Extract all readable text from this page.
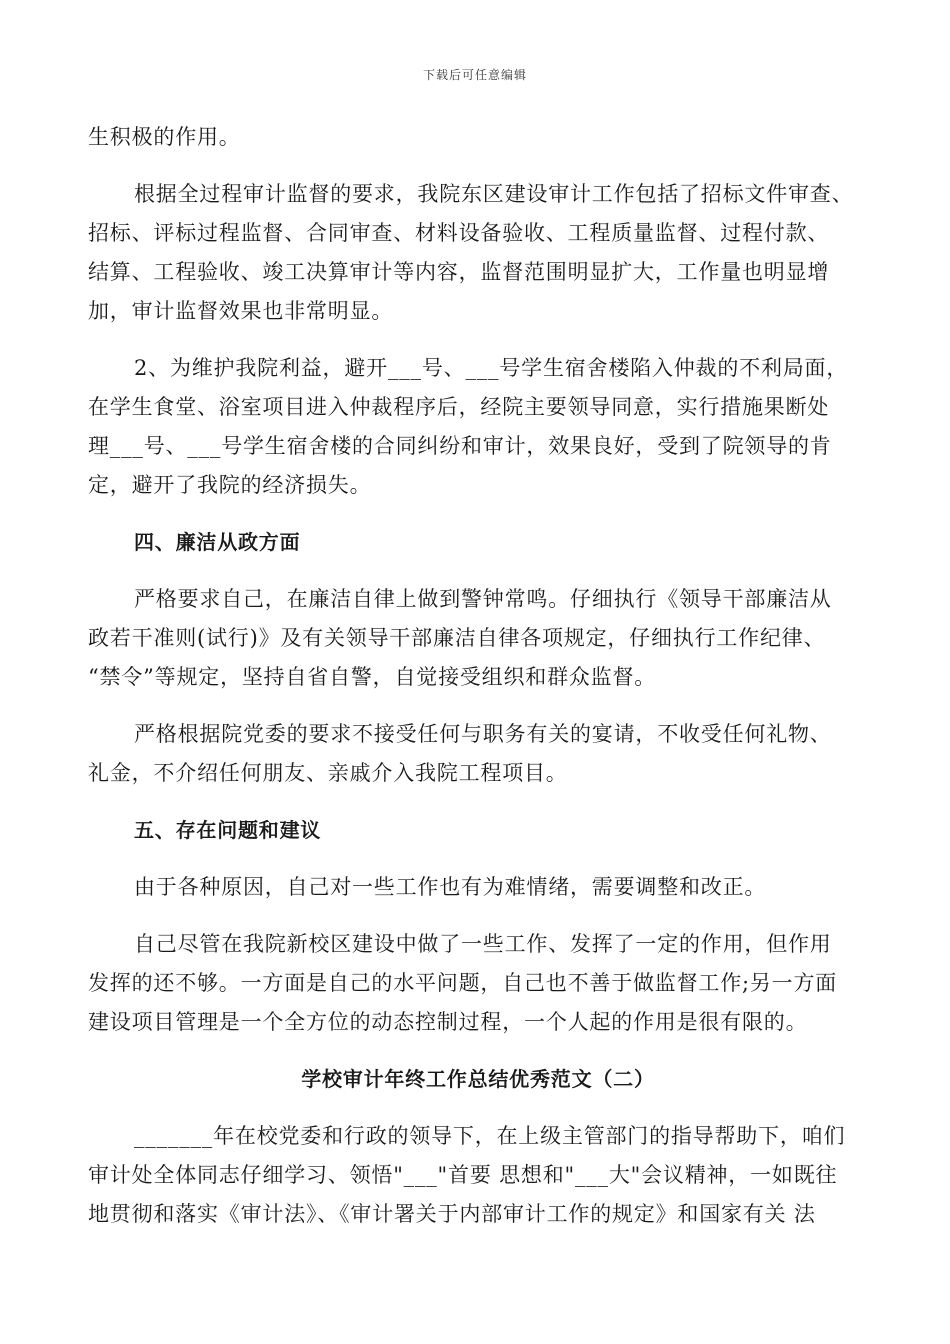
下载后可任意编辑
生积极的作用。
根据全过程审计监督的要求，我院东区建设审计工作包括了招标文件审查、
招标、评标过程监督、合同审查、材料设备验收、工程质量监督、过程付款、
结算、工程验收、竣工决算审计等内容，监督范围明显扩大，工作量也明显增
加，审计监督效果也非常明显。
2、为维护我院利益，避开___号、___号学生宿舍楼陷入仲裁的不利局面，
在学生食堂、浴室项目进入仲裁程序后，经院主要领导同意，实行措施果断处
理___号、___号学生宿舍楼的合同纠纷和审计，效果良好，受到了院领导的肯
定，避开了我院的经济损失。
四、廉洁从政方面
严格要求自己，在廉洁自律上做到警钟常鸣。仔细执行《领导干部廉洁从
政若干准则(试行)》及有关领导干部廉洁自律各项规定，仔细执行工作纪律、
“禁令”等规定，坚持自省自警，自觉接受组织和群众监督。
严格根据院党委的要求不接受任何与职务有关的宴请，不收受任何礼物、
礼金，不介绍任何朋友、亲戚介入我院工程项目。
五、存在问题和建议
由于各种原因，自己对一些工作也有为难情绪，需要调整和改正。
自己尽管在我院新校区建设中做了一些工作、发挥了一定的作用，但作用
发挥的还不够。一方面是自己的水平问题，自己也不善于做监督工作;另一方面
建设项目管理是一个全方位的动态控制过程，一个人起的作用是很有限的。
学校审计年终工作总结优秀范文（二）
_______年在校党委和行政的领导下，在上级主管部门的指导帮助下，咱们
审计处全体同志仔细学习、领悟"___"首要 思想和"___大"会议精神，一如既往
地贯彻和落实《审计法》、《审计署关于内部审计工作的规定》和国家有关 法
